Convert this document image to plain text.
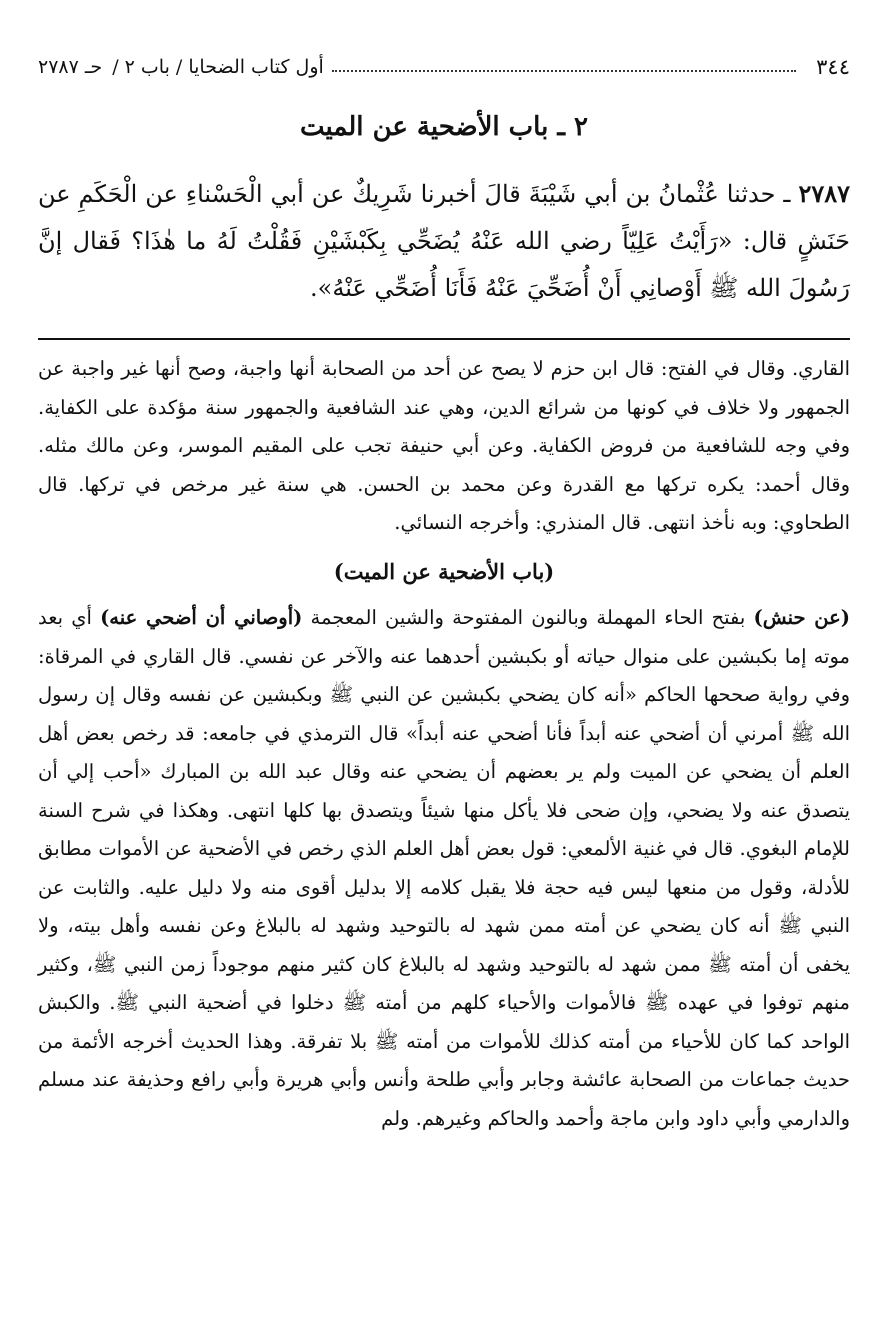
٣٤٤
أول كتاب الضحايا / باب ٢ /
حـ ٢٧٨٧
٢ ـ باب الأضحية عن الميت
٢٧٨٧ ـ حدثنا عُثْمانُ بن أبي شَيْبَةَ قالَ أخبرنا شَرِيكٌ عن أبي الْحَسْناءِ عن الْحَكَمِ عن حَنَشٍ قال: «رَأَيْتُ عَلِيّاً رضي الله عَنْهُ يُضَحِّي بِكَبْشَيْنِ فَقُلْتُ لَهُ ما هٰذَا؟ فَقال إنَّ رَسُولَ الله ﷺ أَوْصانِي أَنْ أُضَحِّيَ عَنْهُ فَأَنَا أُضَحِّي عَنْهُ».

القاري. وقال في الفتح: قال ابن حزم لا يصح عن أحد من الصحابة أنها واجبة، وصح أنها غير واجبة عن الجمهور ولا خلاف في كونها من شرائع الدين، وهي عند الشافعية والجمهور سنة مؤكدة على الكفاية. وفي وجه للشافعية من فروض الكفاية. وعن أبي حنيفة تجب على المقيم الموسر، وعن مالك مثله. وقال أحمد: يكره تركها مع القدرة وعن محمد بن الحسن. هي سنة غير مرخص في تركها. قال الطحاوي: وبه نأخذ انتهى. قال المنذري: وأخرجه النسائي.

(باب الأضحية عن الميت)

(عن حنش) بفتح الحاء المهملة وبالنون المفتوحة والشين المعجمة (أوصاني أن أضحي عنه) أي بعد موته إما بكبشين على منوال حياته أو بكبشين أحدهما عنه والآخر عن نفسي. قال القاري في المرقاة: وفي رواية صححها الحاكم «أنه كان يضحي بكبشين عن النبي ﷺ وبكبشين عن نفسه وقال إن رسول الله ﷺ أمرني أن أضحي عنه أبداً فأنا أضحي عنه أبداً» قال الترمذي في جامعه: قد رخص بعض أهل العلم أن يضحي عن الميت ولم ير بعضهم أن يضحي عنه وقال عبد الله بن المبارك «أحب إلي أن يتصدق عنه ولا يضحي، وإن ضحى فلا يأكل منها شيئاً ويتصدق بها كلها انتهى. وهكذا في شرح السنة للإمام البغوي. قال في غنية الألمعي: قول بعض أهل العلم الذي رخص في الأضحية عن الأموات مطابق للأدلة، وقول من منعها ليس فيه حجة فلا يقبل كلامه إلا بدليل أقوى منه ولا دليل عليه. والثابت عن النبي ﷺ أنه كان يضحي عن أمته ممن شهد له بالتوحيد وشهد له بالبلاغ وعن نفسه وأهل بيته، ولا يخفى أن أمته ﷺ ممن شهد له بالتوحيد وشهد له بالبلاغ كان كثير منهم موجوداً زمن النبي ﷺ، وكثير منهم توفوا في عهده ﷺ فالأموات والأحياء كلهم من أمته ﷺ دخلوا في أضحية النبي ﷺ. والكبش الواحد كما كان للأحياء من أمته كذلك للأموات من أمته ﷺ بلا تفرقة. وهذا الحديث أخرجه الأئمة من حديث جماعات من الصحابة عائشة وجابر وأبي طلحة وأنس وأبي هريرة وأبي رافع وحذيفة عند مسلم والدارمي وأبي داود وابن ماجة وأحمد والحاكم وغيرهم. ولم
